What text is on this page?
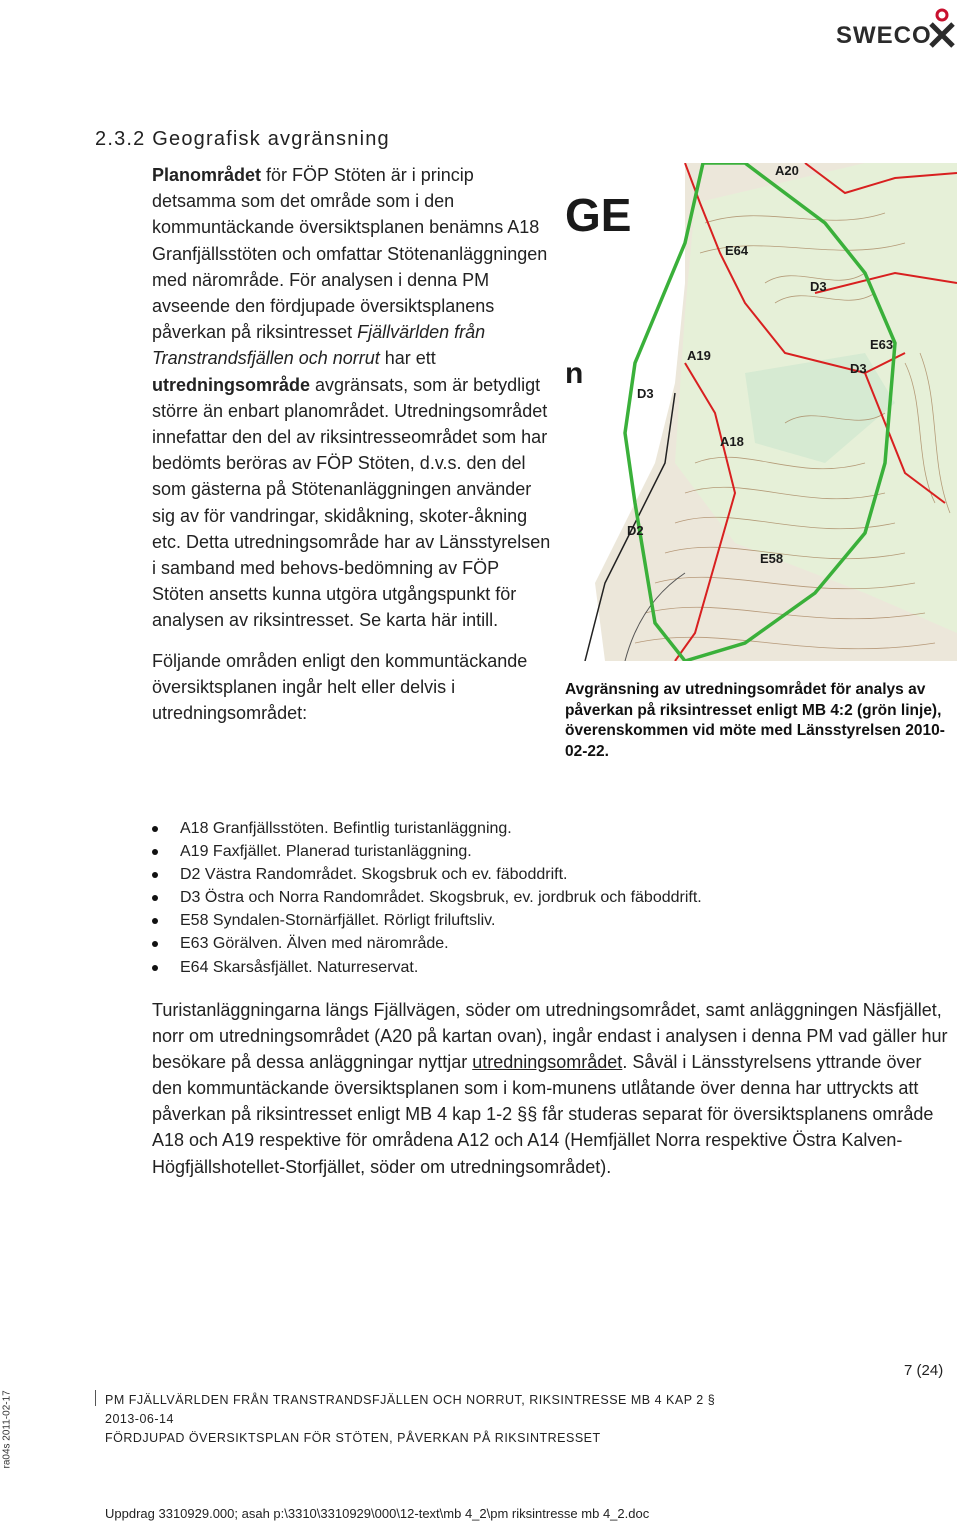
SWECO
2.3.2 Geografisk avgränsning

Planområdet för FÖP Stöten är i princip detsamma som det område som i den kommuntäckande översiktsplanen benämns A18 Granfjällsstöten och omfattar Stötenanläggningen med närområde. För analysen i denna PM avseende den fördjupade översiktsplanens påverkan på riksintresset Fjällvärlden från Transtrandsfjällen och norrut har ett utredningsområde avgränsats, som är betydligt större än enbart planområdet. Utredningsområdet innefattar den del av riksintresseområdet som har bedömts beröras av FÖP Stöten, d.v.s. den del som gästerna på Stötenanläggningen använder sig av för vandringar, skidåkning, skoter-åkning etc. Detta utredningsområde har av Länsstyrelsen i samband med behovs-bedömning av FÖP Stöten ansetts kunna utgöra utgångspunkt för analysen av riksintresset. Se karta här intill.

Följande områden enligt den kommuntäckande översiktsplanen ingår helt eller delvis i utredningsområdet:

GE
n
A20
E64
D3
E63
D3
A19
D3
A18
D2
E58
Avgränsning av utredningsområdet för analys av påverkan på riksintresset enligt MB 4:2 (grön linje), överenskommen vid möte med Länsstyrelsen 2010-02-22.
A18 Granfjällsstöten. Befintlig turistanläggning.
A19 Faxfjället. Planerad turistanläggning.
D2 Västra Randområdet. Skogsbruk och ev. fäboddrift.
D3 Östra och Norra Randområdet. Skogsbruk, ev. jordbruk och fäboddrift.
E58 Syndalen-Stornärfjället. Rörligt friluftsliv.
E63 Görälven. Älven med närområde.
E64 Skarsåsfjället. Naturreservat.
Turistanläggningarna längs Fjällvägen, söder om utredningsområdet, samt anläggningen Näsfjället, norr om utredningsområdet (A20 på kartan ovan), ingår endast i analysen i denna PM vad gäller hur besökare på dessa anläggningar nyttjar utredningsområdet. Såväl i Länsstyrelsens yttrande över den kommuntäckande översiktsplanen som i kom-munens utlåtande över denna har uttryckts att påverkan på riksintresset enligt MB 4 kap 1-2 §§ får studeras separat för översiktsplanens område A18 och A19 respektive för områdena A12 och A14 (Hemfjället Norra respektive Östra Kalven-Högfjällshotellet-Storfjället, söder om utredningsområdet).
7 (24)
ra04s 2011-02-17	PM FJÄLLVÄRLDEN FRÅN TRANSTRANDSFJÄLLEN OCH NORRUT, RIKSINTRESSE MB 4 KAP 2 §
2013-06-14
FÖRDJUPAD ÖVERSIKTSPLAN FÖR STÖTEN, PÅVERKAN PÅ RIKSINTRESSET
Uppdrag 3310929.000; asah p:\3310\3310929\000\12-text\mb 4_2\pm riksintresse mb 4_2.doc
